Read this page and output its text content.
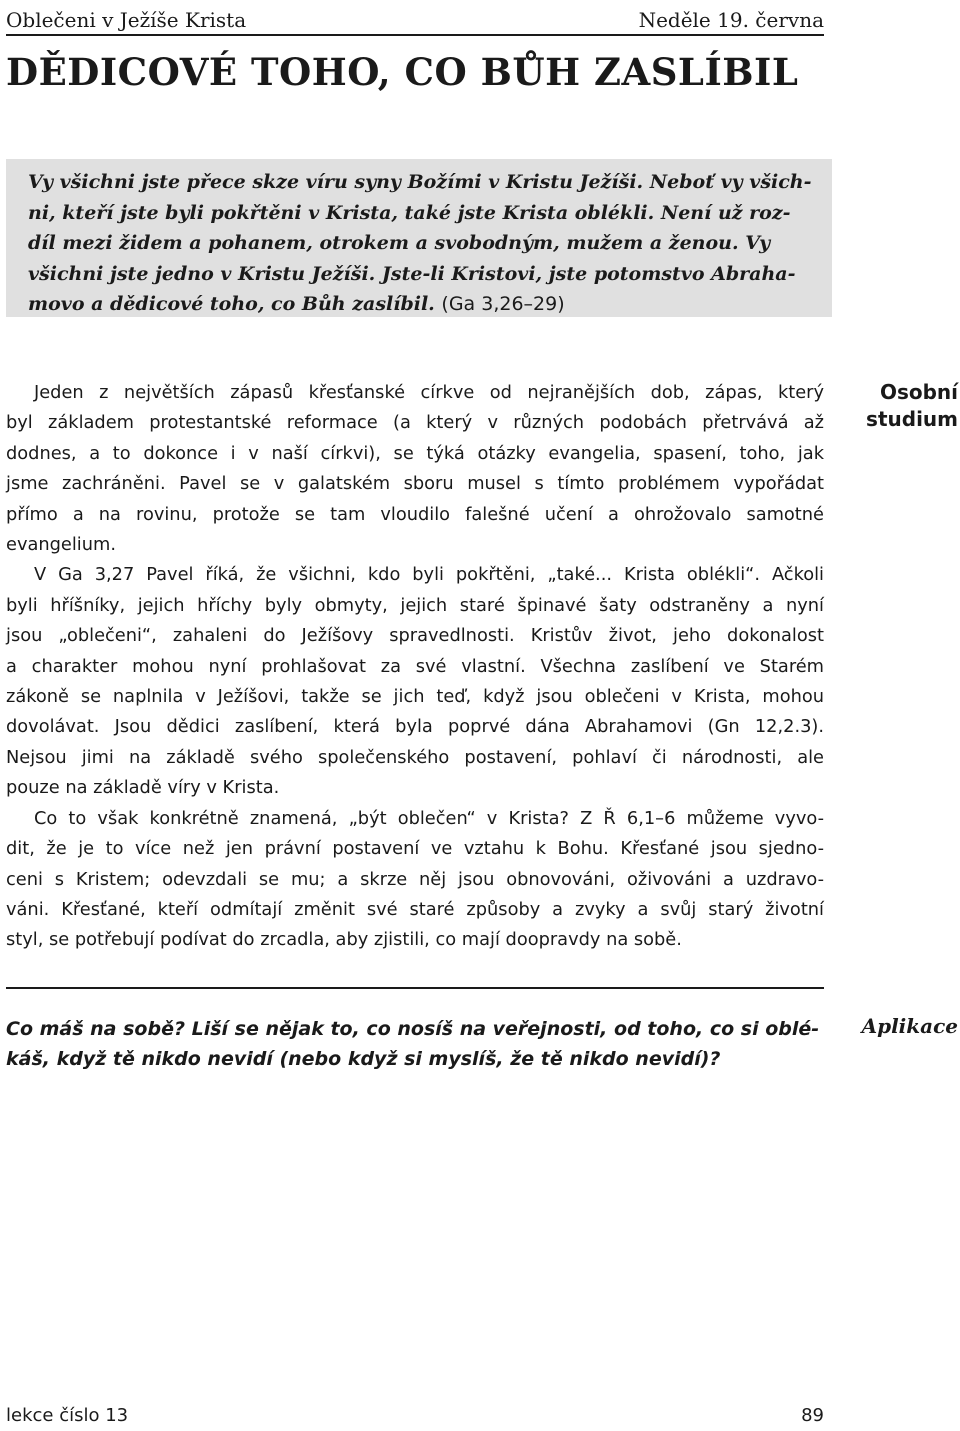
Oblečeni v Ježíše Krista	Neděle 19. června
DĚDICOVÉ TOHO, CO BŮH ZASLÍBIL
Vy všichni jste přece skze víru syny Božími v Kristu Ježíši. Neboť vy všich-
ni, kteří jste byli pokřtěni v Krista, také jste Krista oblékli. Není už roz-
díl mezi židem a pohanem, otrokem a svobodným, mužem a ženou. Vy
všichni jste jedno v Kristu Ježíši. Jste-li Kristovi, jste potomstvo Abraha-
movo a dědicové toho, co Bůh zaslíbil. (Ga 3,26–29)
Osobní
studium
Jeden z největších zápasů křesťanské církve od nejranějších dob, zápas, který
byl základem protestantské reformace (a který v různých podobách přetrvává až
dodnes, a to dokonce i v naší církvi), se týká otázky evangelia, spasení, toho, jak
jsme zachráněni. Pavel se v galatském sboru musel s tímto problémem vypořádat
přímo a na rovinu, protože se tam vloudilo falešné učení a ohrožovalo samotné
evangelium.
V Ga 3,27 Pavel říká, že všichni, kdo byli pokřtěni, „také... Krista oblékli“. Ačkoli
byli hříšníky, jejich hříchy byly obmyty, jejich staré špinavé šaty odstraněny a nyní
jsou „oblečeni“, zahaleni do Ježíšovy spravedlnosti. Kristův život, jeho dokonalost
a charakter mohou nyní prohlašovat za své vlastní. Všechna zaslíbení ve Starém
zákoně se naplnila v Ježíšovi, takže se jich teď, když jsou oblečeni v Krista, mohou
dovolávat. Jsou dědici zaslíbení, která byla poprvé dána Abrahamovi (Gn 12,2.3).
Nejsou jimi na základě svého společenského postavení, pohlaví či národnosti, ale
pouze na základě víry v Krista.
Co to však konkrétně znamená, „být oblečen“ v Krista? Z Ř 6,1–6 můžeme vyvo-
dit, že je to více než jen právní postavení ve vztahu k Bohu. Křesťané jsou sjedno-
ceni s Kristem; odevzdali se mu; a skrze něj jsou obnovováni, oživováni a uzdravo-
váni. Křesťané, kteří odmítají změnit své staré způsoby a zvyky a svůj starý životní
styl, se potřebují podívat do zrcadla, aby zjistili, co mají doopravdy na sobě.
Co máš na sobě? Liší se nějak to, co nosíš na veřejnosti, od toho, co si oblé-
káš, když tě nikdo nevidí (nebo když si myslíš, že tě nikdo nevidí)?
Aplikace
lekce číslo 13	89
